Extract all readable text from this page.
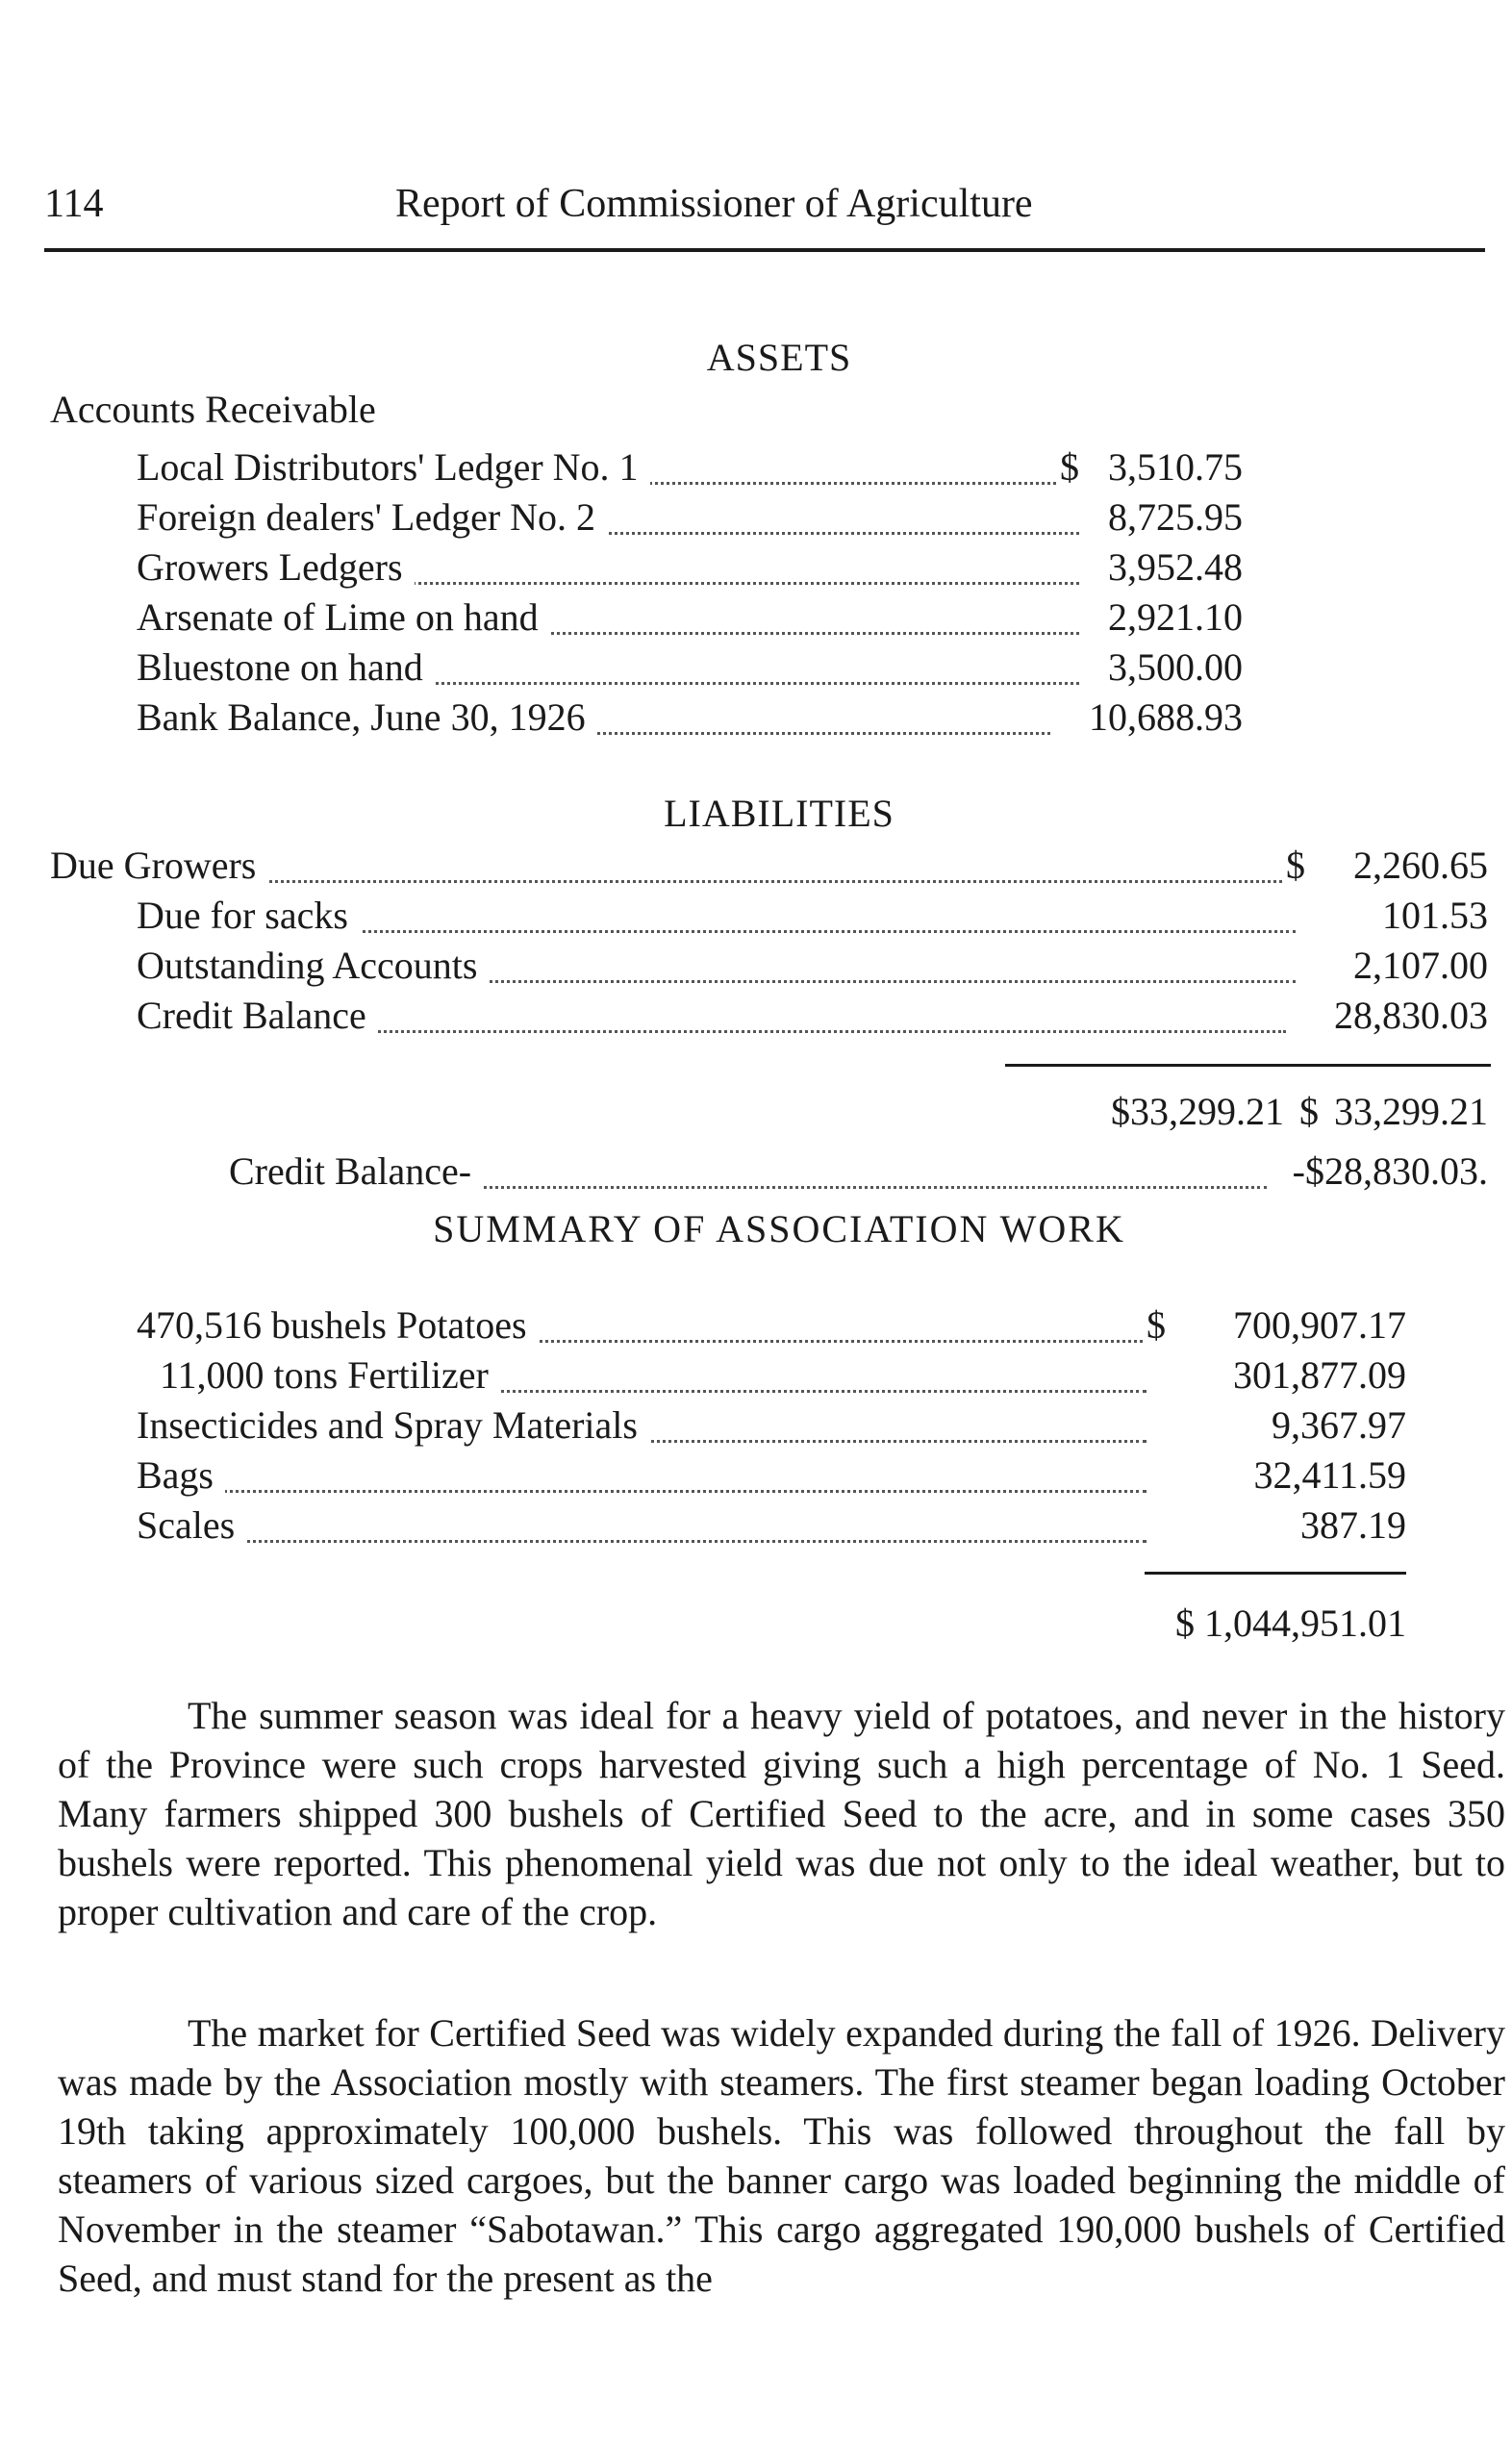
114	Report of Commissioner of Agriculture
ASSETS
Accounts Receivable
Local Distributors' Ledger No. 1	$ 3,510.75
Foreign dealers' Ledger No. 2	8,725.95
Growers Ledgers	3,952.48
Arsenate of Lime on hand	2,921.10
Bluestone on hand	3,500.00
Bank Balance, June 30, 1926	10,688.93
LIABILITIES
Due Growers	$ 2,260.65
Due for sacks	101.53
Outstanding Accounts	2,107.00
Credit Balance	28,830.03
$33,299.21 $ 33,299.21
Credit Balance-	-$28,830.03.
SUMMARY OF ASSOCIATION WORK
470,516 bushels Potatoes	$ 700,907.17
11,000 tons Fertilizer	301,877.09
Insecticides and Spray Materials	9,367.97
Bags	32,411.59
Scales	387.19
$ 1,044,951.01

The summer season was ideal for a heavy yield of potatoes, and never in the history of the Province were such crops harvested giving such a high percentage of No. 1 Seed. Many farmers shipped 300 bushels of Certified Seed to the acre, and in some cases 350 bushels were reported. This phenomenal yield was due not only to the ideal weather, but to proper cultivation and care of the crop.

The market for Certified Seed was widely expanded during the fall of 1926. Delivery was made by the Association mostly with steamers. The first steamer began loading October 19th taking approximately 100,000 bushels. This was followed throughout the fall by steamers of various sized cargoes, but the banner cargo was loaded beginning the middle of November in the steamer “Sabotawan.” This cargo aggregated 190,000 bushels of Certified Seed, and must stand for the present as the
